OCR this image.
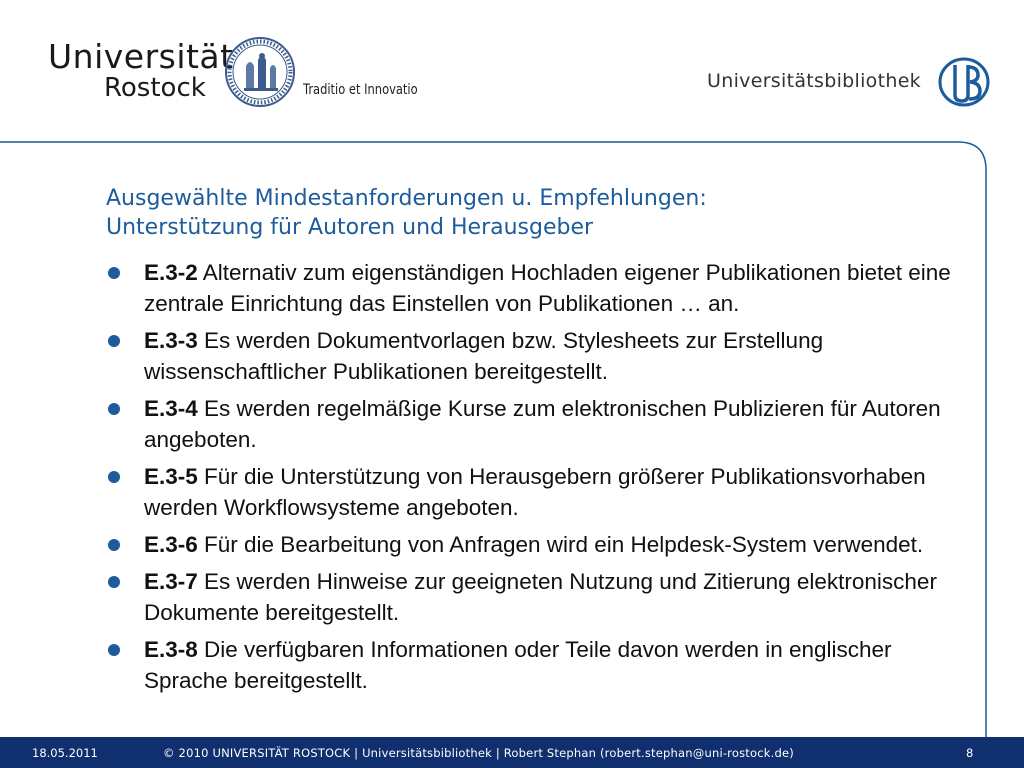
Universität
Rostock	Traditio et Innovatio	Universitätsbibliothek
Ausgewählte Mindestanforderungen u. Empfehlungen:
Unterstützung für Autoren und Herausgeber
E.3-2 Alternativ zum eigenständigen Hochladen eigener Publikationen bietet eine zentrale Einrichtung das Einstellen von Publikationen … an.
E.3-3 Es werden Dokumentvorlagen bzw. Stylesheets zur Erstellung wissenschaftlicher Publikationen bereitgestellt.
E.3-4 Es werden regelmäßige Kurse zum elektronischen Publizieren für Autoren angeboten.
E.3-5 Für die Unterstützung von Herausgebern größerer Publikationsvorhaben werden Workflowsysteme angeboten.
E.3-6 Für die Bearbeitung von Anfragen wird ein Helpdesk-System verwendet.
E.3-7 Es werden Hinweise zur geeigneten Nutzung und Zitierung elektronischer Dokumente bereitgestellt.
E.3-8 Die verfügbaren Informationen oder Teile davon werden in englischer Sprache bereitgestellt.
18.05.2011	© 2010 UNIVERSITÄT ROSTOCK | Universitätsbibliothek | Robert Stephan (robert.stephan@uni-rostock.de)	8
